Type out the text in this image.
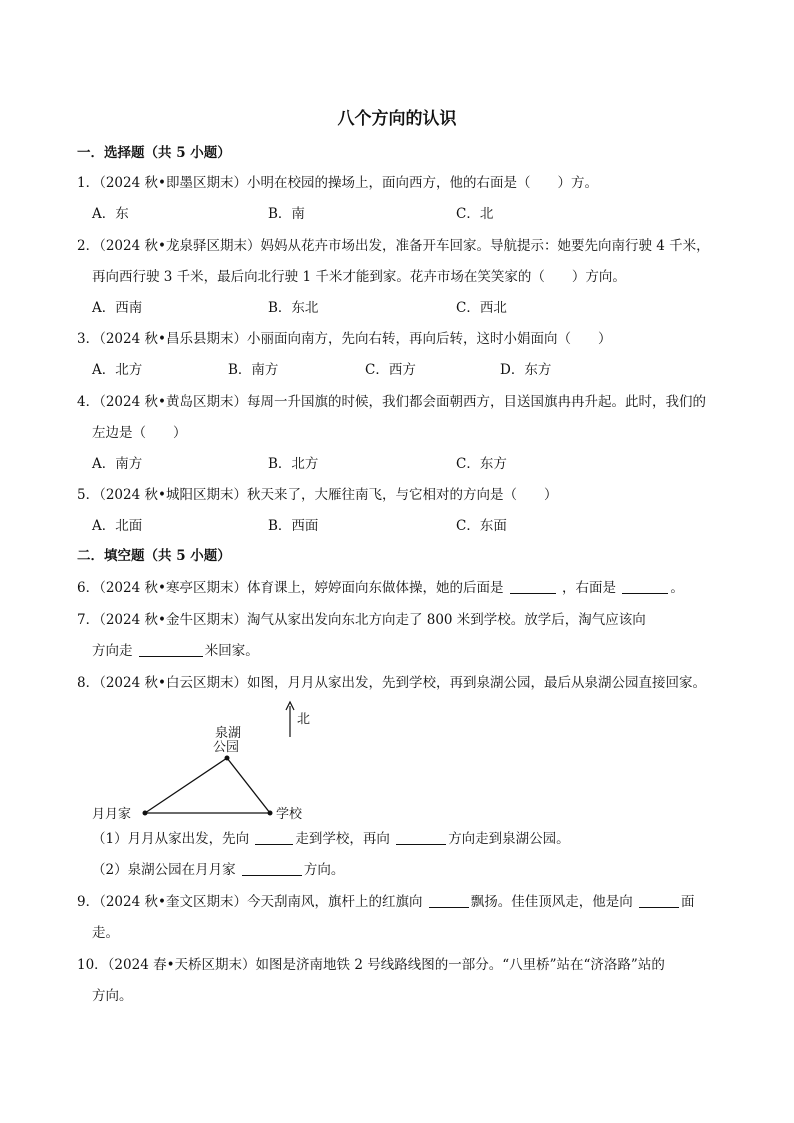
八个方向的认识
一．选择题（共 5 小题）
1．（2024 秋•即墨区期末）小明在校园的操场上，面向西方，他的右面是（　　）方。
A．东	B．南	C．北
2．（2024 秋•龙泉驿区期末）妈妈从花卉市场出发，准备开车回家。导航提示：她要先向南行驶 4 千米，
再向西行驶 3 千米，最后向北行驶 1 千米才能到家。花卉市场在笑笑家的（　　）方向。
A．西南	B．东北	C．西北
3．（2024 秋•昌乐县期末）小丽面向南方，先向右转，再向后转，这时小娟面向（　　）
A．北方	B．南方	C．西方	D．东方
4．（2024 秋•黄岛区期末）每周一升国旗的时候，我们都会面朝西方，目送国旗冉冉升起。此时，我们的
左边是（　　）
A．南方	B．北方	C．东方
5．（2024 秋•城阳区期末）秋天来了，大雁往南飞，与它相对的方向是（　　）
A．北面	B．西面	C．东面
二．填空题（共 5 小题）
6．（2024 秋•寒亭区期末）体育课上，婷婷面向东做体操，她的后面是	，右面是	。
7．（2024 秋•金牛区期末）淘气从家出发向东北方向走了 800 米到学校。放学后，淘气应该向
方向走	米回家。
8．（2024 秋•白云区期末）如图，月月从家出发，先到学校，再到泉湖公园，最后从泉湖公园直接回家。
北
泉湖
公园
月月家	学校
（1）月月从家出发，先向	走到学校，再向	方向走到泉湖公园。
（2）泉湖公园在月月家	方向。
9．（2024 秋•奎文区期末）今天刮南风，旗杆上的红旗向	飘扬。佳佳顶风走，他是向	面
走。
10．（2024 春•天桥区期末）如图是济南地铁 2 号线路线图的一部分。“八里桥”站在“济洛路”站的
方向。
